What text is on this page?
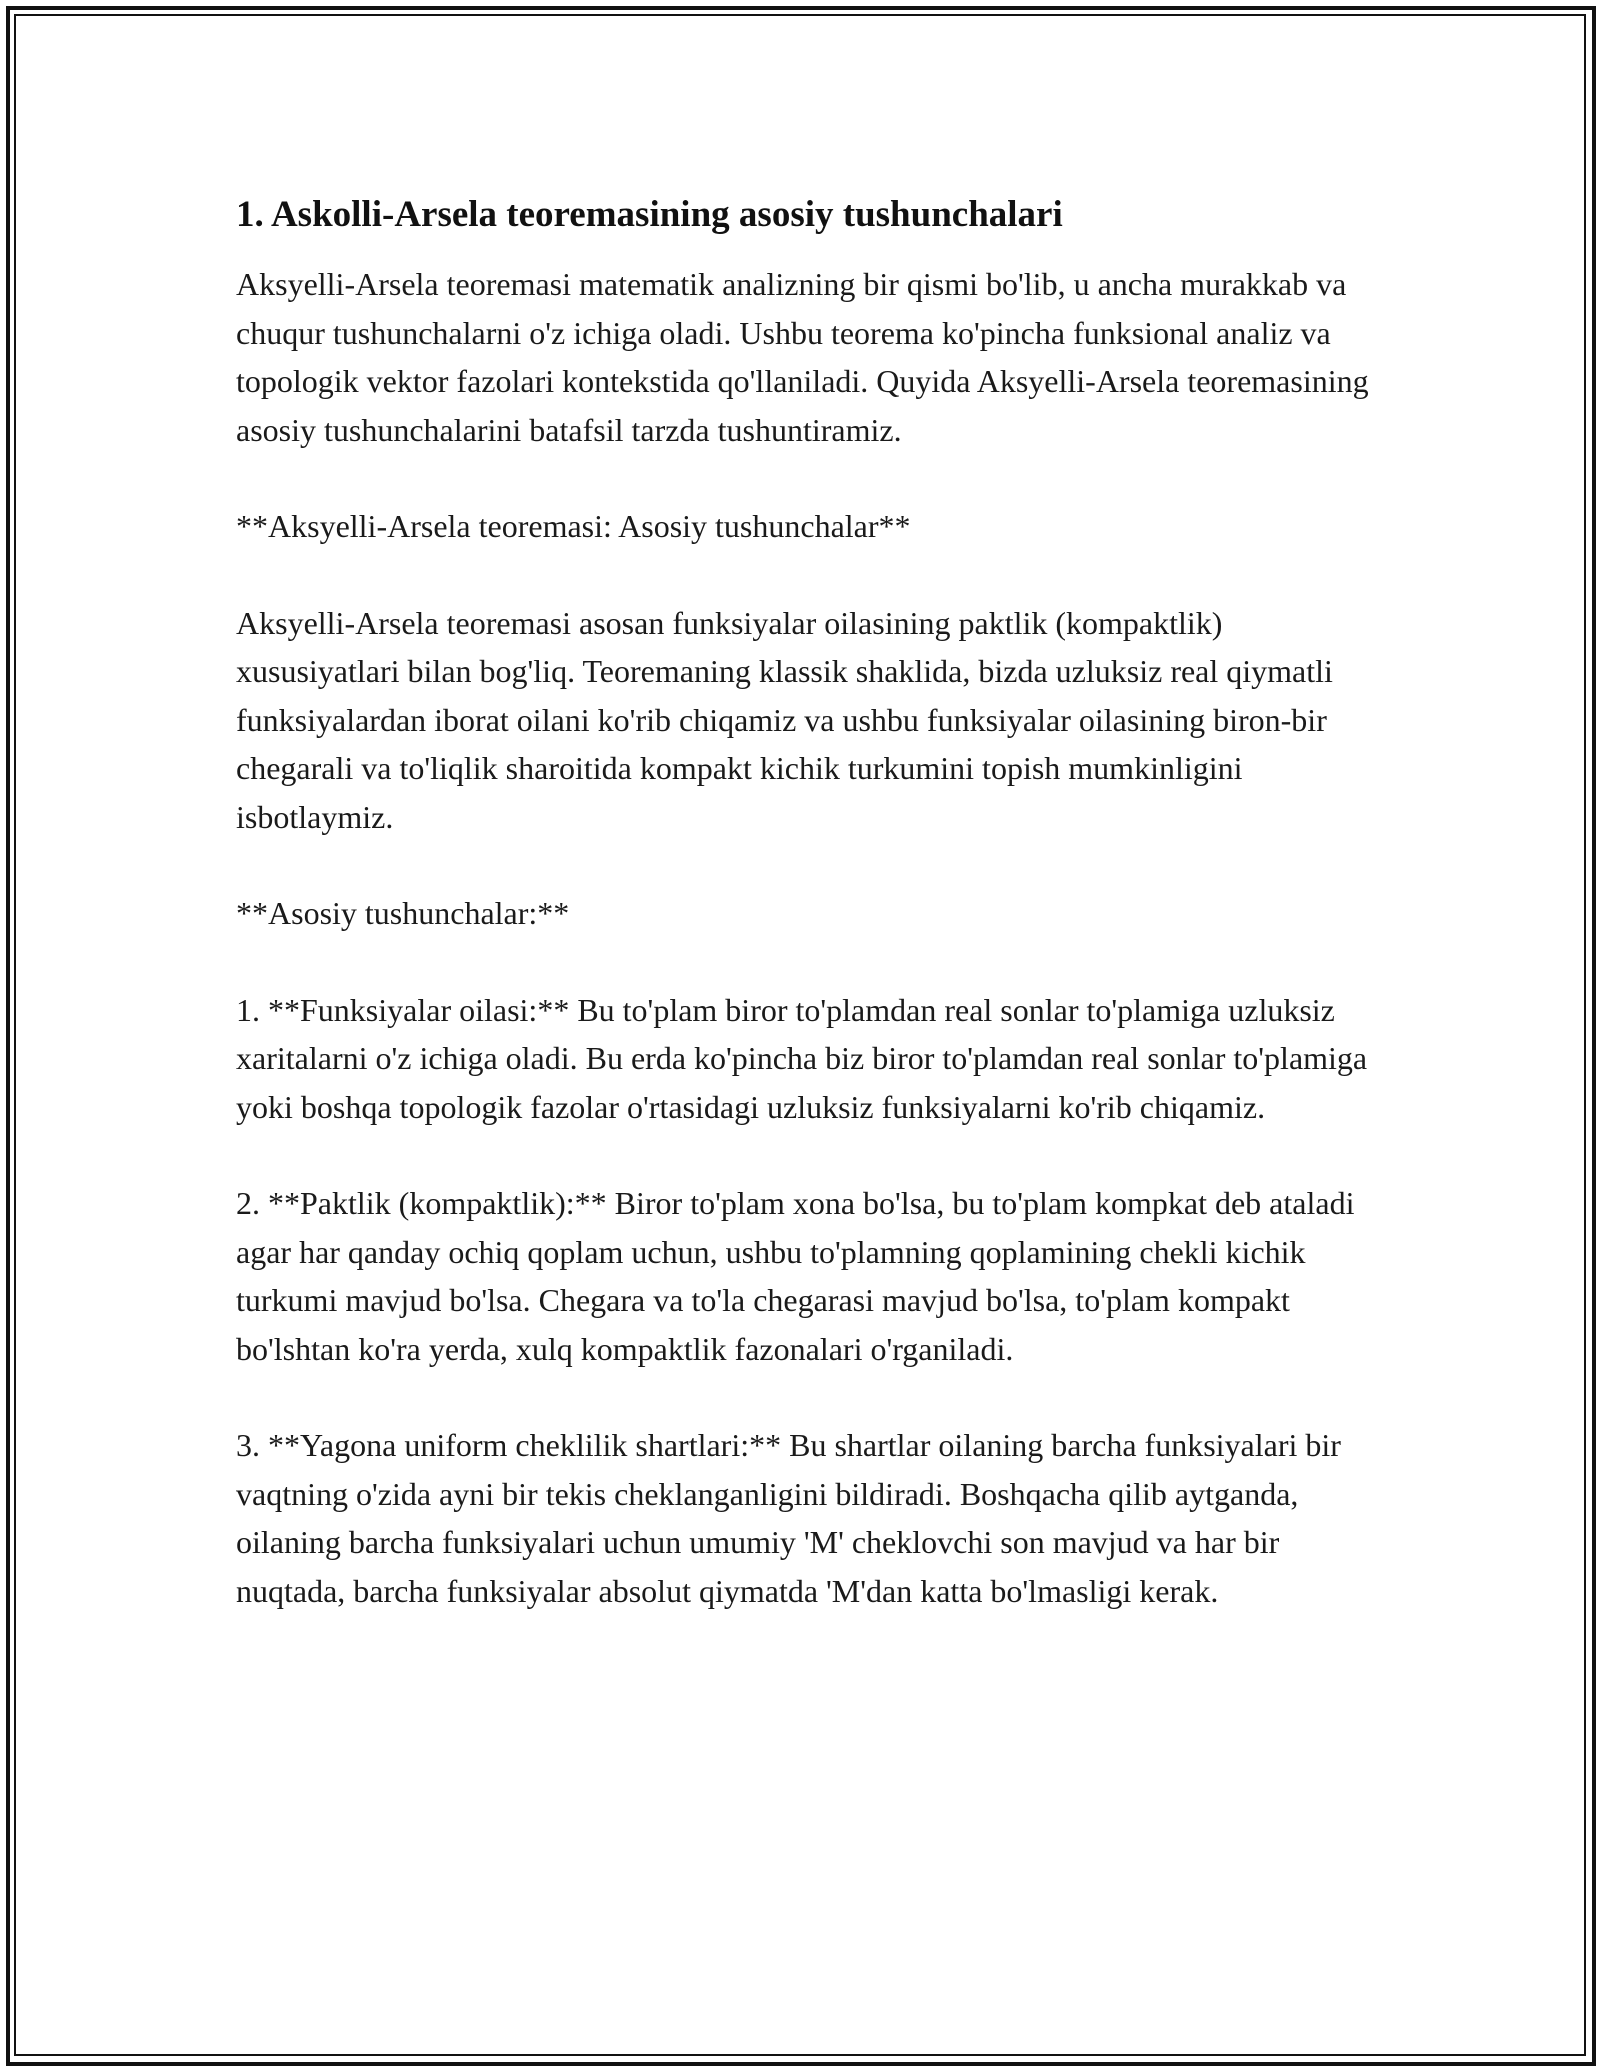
1. Askolli-Arsela teoremasining asosiy tushunchalari

Aksyelli-Arsela teoremasi matematik analizning bir qismi bo'lib, u ancha murakkab va chuqur tushunchalarni o'z ichiga oladi. Ushbu teorema ko'pincha funksional analiz va topologik vektor fazolari kontekstida qo'llaniladi. Quyida Aksyelli-Arsela teoremasining asosiy tushunchalarini batafsil tarzda tushuntiramiz.

**Aksyelli-Arsela teoremasi: Asosiy tushunchalar**

Aksyelli-Arsela teoremasi asosan funksiyalar oilasining paktlik (kompaktlik) xususiyatlari bilan bog'liq. Teoremaning klassik shaklida, bizda uzluksiz real qiymatli funksiyalardan iborat oilani ko'rib chiqamiz va ushbu funksiyalar oilasining biron-bir chegarali va to'liqlik sharoitida kompakt kichik turkumini topish mumkinligini isbotlaymiz.

**Asosiy tushunchalar:**

1. **Funksiyalar oilasi:** Bu to'plam biror to'plamdan real sonlar to'plamiga uzluksiz xaritalarni o'z ichiga oladi. Bu erda ko'pincha biz biror to'plamdan real sonlar to'plamiga yoki boshqa topologik fazolar o'rtasidagi uzluksiz funksiyalarni ko'rib chiqamiz.

2. **Paktlik (kompaktlik):** Biror to'plam xona bo'lsa, bu to'plam kompkat deb ataladi agar har qanday ochiq qoplam uchun, ushbu to'plamning qoplamining chekli kichik turkumi mavjud bo'lsa. Chegara va to'la chegarasi mavjud bo'lsa, to'plam kompakt bo'lshtan ko'ra yerda, xulq kompaktlik fazonalari o'rganiladi.

3. **Yagona uniform cheklilik shartlari:** Bu shartlar oilaning barcha funksiyalari bir vaqtning o'zida ayni bir tekis cheklanganligini bildiradi. Boshqacha qilib aytganda, oilaning barcha funksiyalari uchun umumiy 'M' cheklovchi son mavjud va har bir nuqtada, barcha funksiyalar absolut qiymatda 'M'dan katta bo'lmasligi kerak.
